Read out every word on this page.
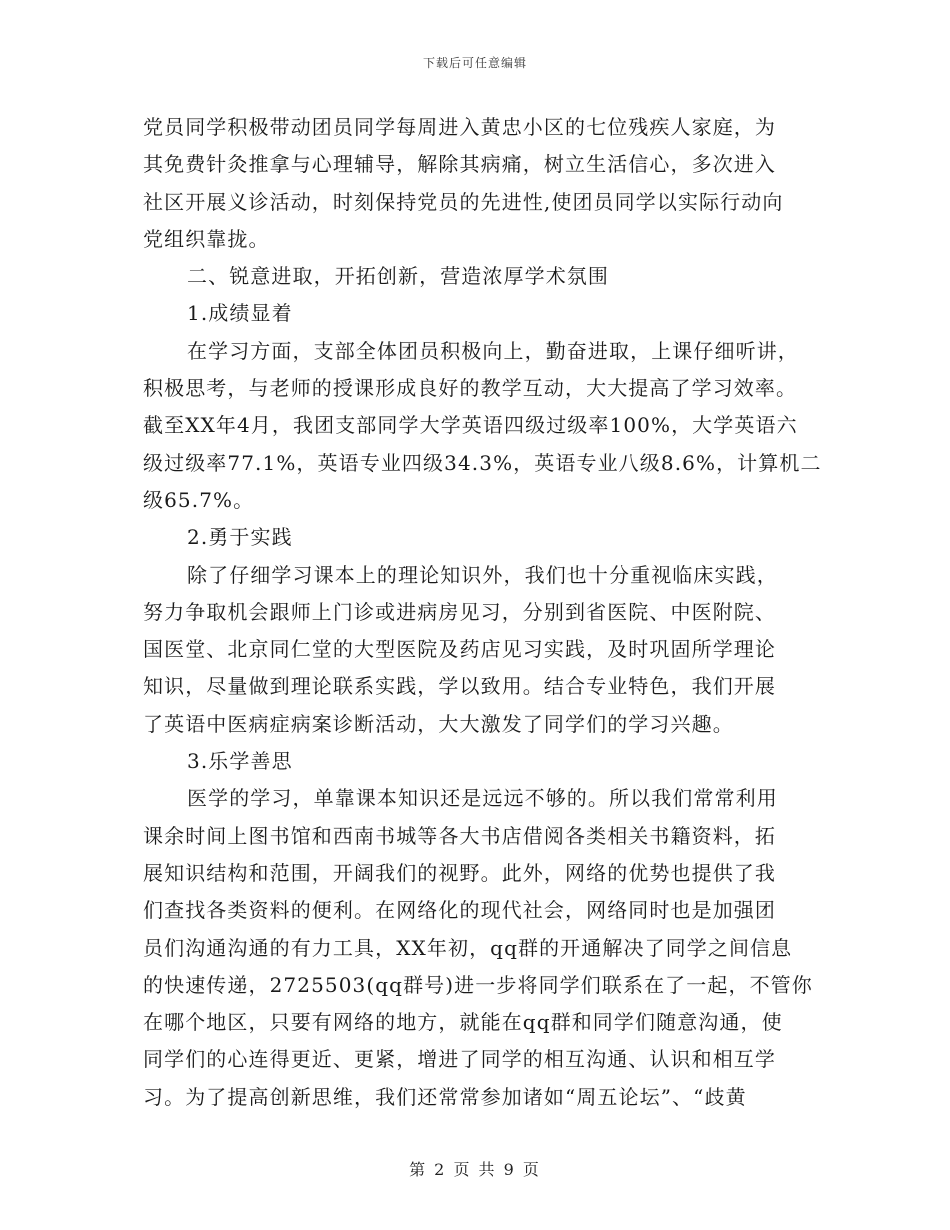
下载后可任意编辑
党员同学积极带动团员同学每周进入黄忠小区的七位残疾人家庭，为
其免费针灸推拿与心理辅导，解除其病痛，树立生活信心，多次进入
社区开展义诊活动，时刻保持党员的先进性,使团员同学以实际行动向
党组织靠拢。
二、锐意进取，开拓创新，营造浓厚学术氛围
1.成绩显着
在学习方面，支部全体团员积极向上，勤奋进取，上课仔细听讲，
积极思考，与老师的授课形成良好的教学互动，大大提高了学习效率。
截至XX年4月，我团支部同学大学英语四级过级率100%，大学英语六
级过级率77.1%，英语专业四级34.3%，英语专业八级8.6%，计算机二
级65.7%。
2.勇于实践
除了仔细学习课本上的理论知识外，我们也十分重视临床实践，
努力争取机会跟师上门诊或进病房见习，分别到省医院、中医附院、
国医堂、北京同仁堂的大型医院及药店见习实践，及时巩固所学理论
知识，尽量做到理论联系实践，学以致用。结合专业特色，我们开展
了英语中医病症病案诊断活动，大大激发了同学们的学习兴趣。
3.乐学善思
医学的学习，单靠课本知识还是远远不够的。所以我们常常利用
课余时间上图书馆和西南书城等各大书店借阅各类相关书籍资料，拓
展知识结构和范围，开阔我们的视野。此外，网络的优势也提供了我
们查找各类资料的便利。在网络化的现代社会，网络同时也是加强团
员们沟通沟通的有力工具，XX年初，qq群的开通解决了同学之间信息
的快速传递，2725503(qq群号)进一步将同学们联系在了一起，不管你
在哪个地区，只要有网络的地方，就能在qq群和同学们随意沟通，使
同学们的心连得更近、更紧，增进了同学的相互沟通、认识和相互学
习。为了提高创新思维，我们还常常参加诸如“周五论坛”、“歧黄
第 2 页 共 9 页
